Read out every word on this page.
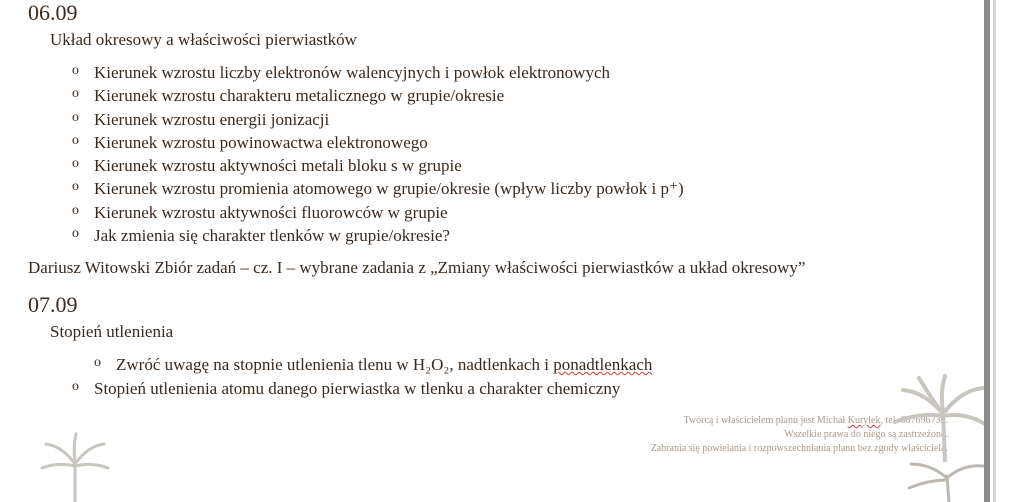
06.09
Układ okresowy a właściwości pierwiastków
o Kierunek wzrostu liczby elektronów walencyjnych i powłok elektronowych
o Kierunek wzrostu charakteru metalicznego w grupie/okresie
o Kierunek wzrostu energii jonizacji
o Kierunek wzrostu powinowactwa elektronowego
o Kierunek wzrostu aktywności metali bloku s w grupie
o Kierunek wzrostu promienia atomowego w grupie/okresie (wpływ liczby powłok i p⁺)
o Kierunek wzrostu aktywności fluorowców w grupie
o Jak zmienia się charakter tlenków w grupie/okresie?
Dariusz Witowski Zbiór zadań – cz. I – wybrane zadania z „Zmiany właściwości pierwiastków a układ okresowy”
07.09
Stopień utlenienia
o Zwróć uwagę na stopnie utlenienia tlenu w H₂O₂, nadtlenkach i ponadtlenkach
o Stopień utlenienia atomu danego pierwiastka w tlenku a charakter chemiczny
Twórcą i właścicielem planu jest Michał Kuryłek, tel. 607696735.
Wszelkie prawa do niego są zastrzeżone.
Zabrania się powielania i rozpowszechniania planu bez zgody właściciela.
